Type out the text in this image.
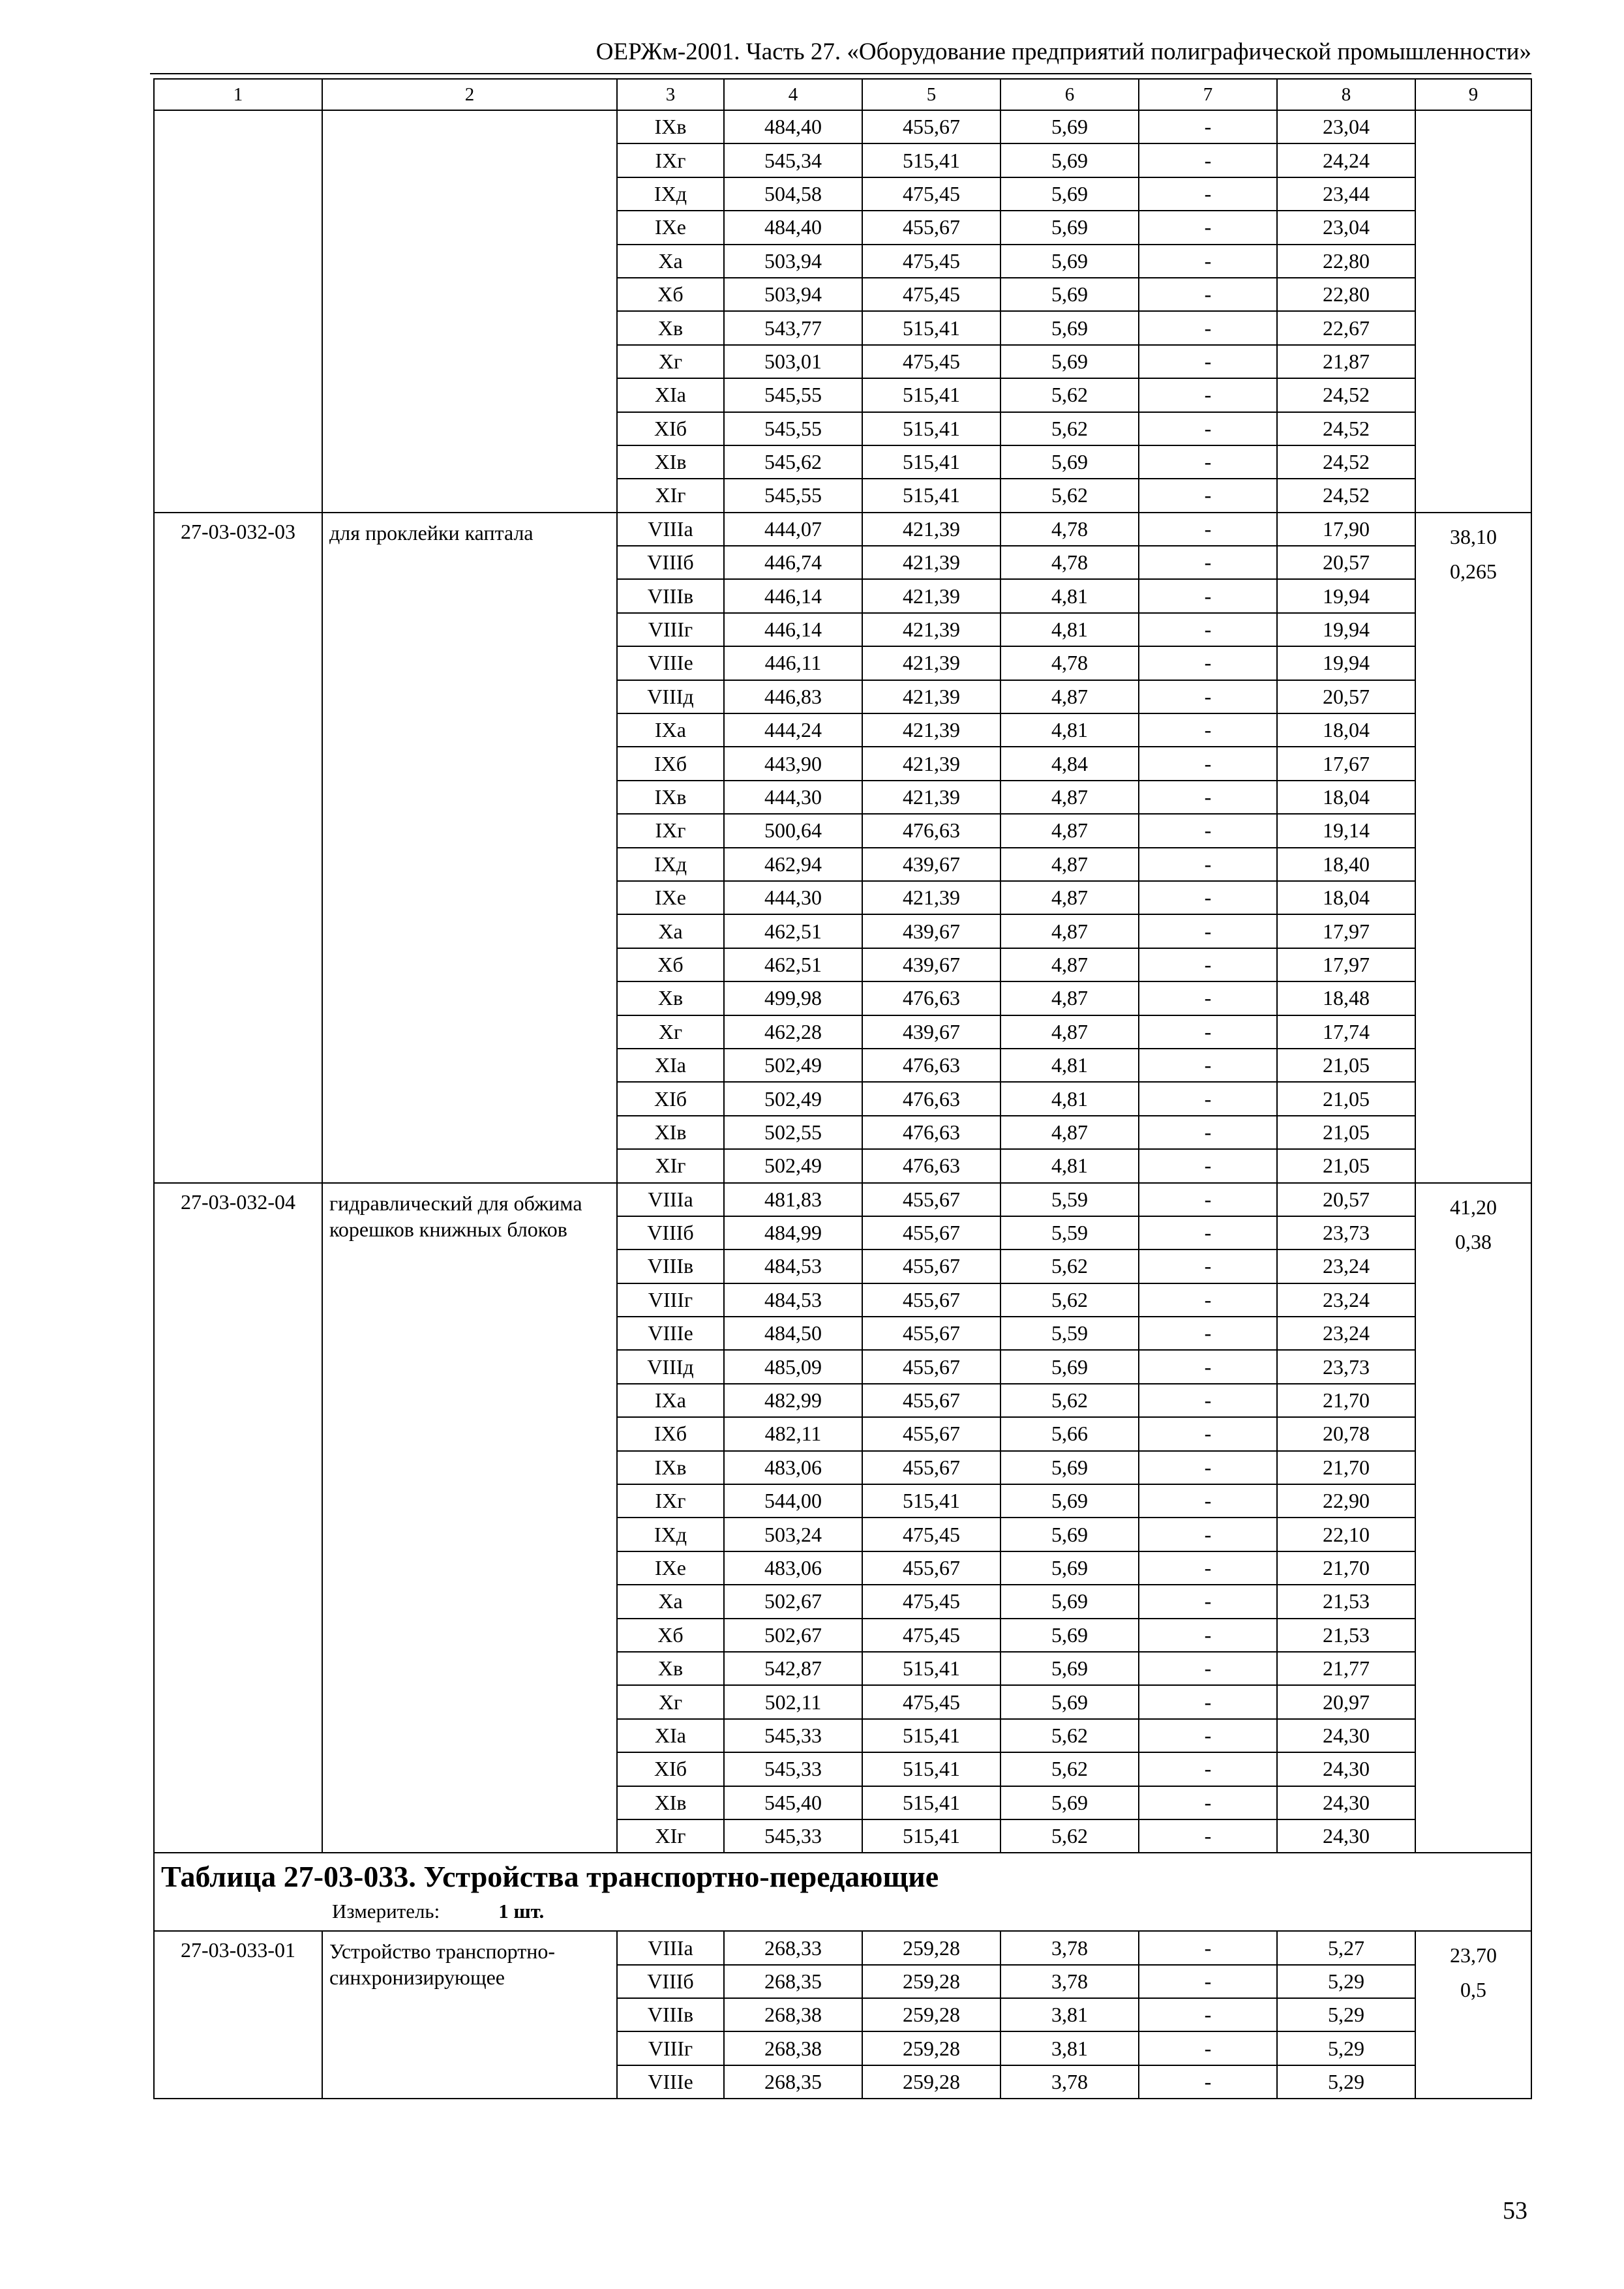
ОЕРЖм-2001. Часть 27. «Оборудование предприятий полиграфической промышленности»
1	2	3	4	5	6	7	8	9
		IXв	484,40	455,67	5,69	-	23,04	
		IXг	545,34	515,41	5,69	-	24,24	
		IXд	504,58	475,45	5,69	-	23,44	
		IXе	484,40	455,67	5,69	-	23,04	
		Xа	503,94	475,45	5,69	-	22,80	
		Xб	503,94	475,45	5,69	-	22,80	
		Xв	543,77	515,41	5,69	-	22,67	
		Xг	503,01	475,45	5,69	-	21,87	
		XIа	545,55	515,41	5,62	-	24,52	
		XIб	545,55	515,41	5,62	-	24,52	
		XIв	545,62	515,41	5,69	-	24,52	
		XIг	545,55	515,41	5,62	-	24,52	
27-03-032-03	для проклейки каптала	VIIIа	444,07	421,39	4,78	-	17,90	38,10
0,265

		VIIIб	446,74	421,39	4,78	-	20,57	
		VIIIв	446,14	421,39	4,81	-	19,94	
		VIIIг	446,14	421,39	4,81	-	19,94	
		VIIIе	446,11	421,39	4,78	-	19,94	
		VIIIд	446,83	421,39	4,87	-	20,57	
		IXа	444,24	421,39	4,81	-	18,04	
		IXб	443,90	421,39	4,84	-	17,67	
		IXв	444,30	421,39	4,87	-	18,04	
		IXг	500,64	476,63	4,87	-	19,14	
		IXд	462,94	439,67	4,87	-	18,40	
		IXе	444,30	421,39	4,87	-	18,04	
		Xа	462,51	439,67	4,87	-	17,97	
		Xб	462,51	439,67	4,87	-	17,97	
		Xв	499,98	476,63	4,87	-	18,48	
		Xг	462,28	439,67	4,87	-	17,74	
		XIа	502,49	476,63	4,81	-	21,05	
		XIб	502,49	476,63	4,81	-	21,05	
		XIв	502,55	476,63	4,87	-	21,05	
		XIг	502,49	476,63	4,81	-	21,05	
27-03-032-04	гидравлический для обжима корешков книжных блоков	VIIIа	481,83	455,67	5,59	-	20,57	41,20
0,38

		VIIIб	484,99	455,67	5,59	-	23,73	
		VIIIв	484,53	455,67	5,62	-	23,24	
		VIIIг	484,53	455,67	5,62	-	23,24	
		VIIIе	484,50	455,67	5,59	-	23,24	
		VIIIд	485,09	455,67	5,69	-	23,73	
		IXа	482,99	455,67	5,62	-	21,70	
		IXб	482,11	455,67	5,66	-	20,78	
		IXв	483,06	455,67	5,69	-	21,70	
		IXг	544,00	515,41	5,69	-	22,90	
		IXд	503,24	475,45	5,69	-	22,10	
		IXе	483,06	455,67	5,69	-	21,70	
		Xа	502,67	475,45	5,69	-	21,53	
		Xб	502,67	475,45	5,69	-	21,53	
		Xв	542,87	515,41	5,69	-	21,77	
		Xг	502,11	475,45	5,69	-	20,97	
		XIа	545,33	515,41	5,62	-	24,30	
		XIб	545,33	515,41	5,62	-	24,30	
		XIв	545,40	515,41	5,69	-	24,30	
		XIг	545,33	515,41	5,62	-	24,30	

Таблица 27-03-033. Устройства транспортно-передающие
Измеритель: 1 шт.								

27-03-033-01	Устройство транспортно-синхронизирующее	VIIIа	268,33	259,28	3,78	-	5,27	23,70
0,5

		VIIIб	268,35	259,28	3,78	-	5,29	
		VIIIв	268,38	259,28	3,81	-	5,29	
		VIIIг	268,38	259,28	3,81	-	5,29	
		VIIIе	268,35	259,28	3,78	-	5,29	
53
